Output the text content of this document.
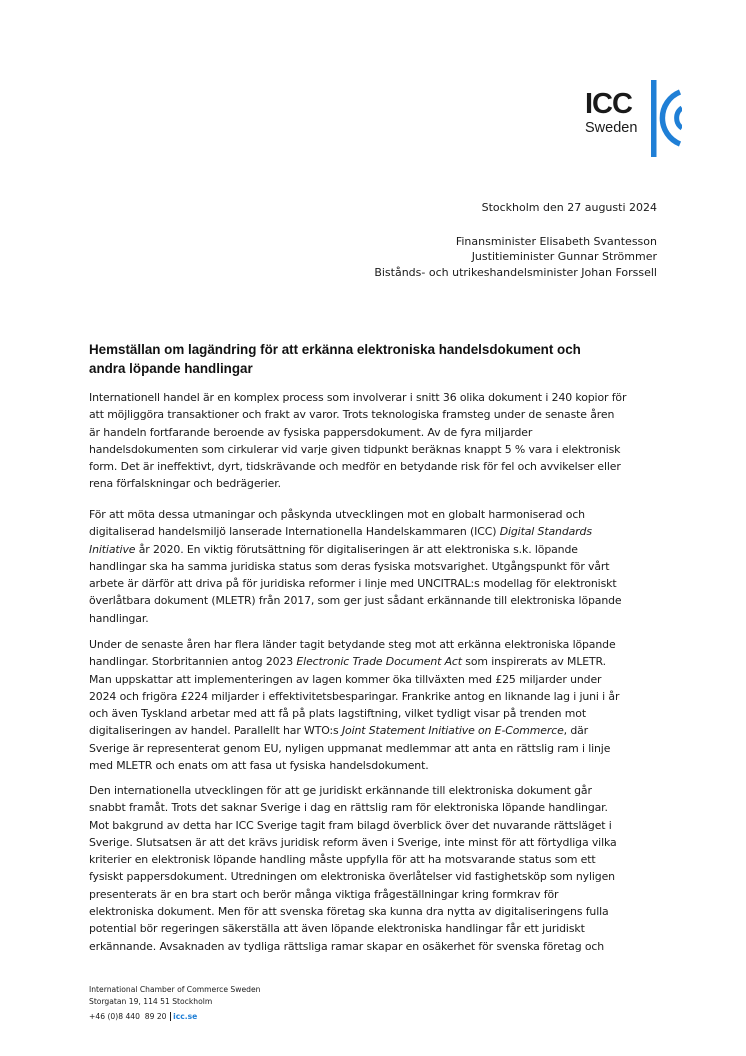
ICC
Sweden
Stockholm den 27 augusti 2024
Finansminister Elisabeth Svantesson
Justitieminister Gunnar Strömmer
Bistånds- och utrikeshandelsminister Johan Forssell
Hemställan om lagändring för att erkänna elektroniska handelsdokument och
andra löpande handlingar
Internationell handel är en komplex process som involverar i snitt 36 olika dokument i 240 kopior för
att möjliggöra transaktioner och frakt av varor. Trots teknologiska framsteg under de senaste åren
är handeln fortfarande beroende av fysiska pappersdokument. Av de fyra miljarder
handelsdokumenten som cirkulerar vid varje given tidpunkt beräknas knappt 5 % vara i elektronisk
form. Det är ineffektivt, dyrt, tidskrävande och medför en betydande risk för fel och avvikelser eller
rena förfalskningar och bedrägerier.
För att möta dessa utmaningar och påskynda utvecklingen mot en globalt harmoniserad och
digitaliserad handelsmiljö lanserade Internationella Handelskammaren (ICC) Digital Standards
Initiative år 2020. En viktig förutsättning för digitaliseringen är att elektroniska s.k. löpande
handlingar ska ha samma juridiska status som deras fysiska motsvarighet. Utgångspunkt för vårt
arbete är därför att driva på för juridiska reformer i linje med UNCITRAL:s modellag för elektroniskt
överlåtbara dokument (MLETR) från 2017, som ger just sådant erkännande till elektroniska löpande
handlingar.
Under de senaste åren har flera länder tagit betydande steg mot att erkänna elektroniska löpande
handlingar. Storbritannien antog 2023 Electronic Trade Document Act som inspirerats av MLETR.
Man uppskattar att implementeringen av lagen kommer öka tillväxten med £25 miljarder under
2024 och frigöra £224 miljarder i effektivitetsbesparingar. Frankrike antog en liknande lag i juni i år
och även Tyskland arbetar med att få på plats lagstiftning, vilket tydligt visar på trenden mot
digitaliseringen av handel. Parallellt har WTO:s Joint Statement Initiative on E-Commerce, där
Sverige är representerat genom EU, nyligen uppmanat medlemmar att anta en rättslig ram i linje
med MLETR och enats om att fasa ut fysiska handelsdokument.
Den internationella utvecklingen för att ge juridiskt erkännande till elektroniska dokument går
snabbt framåt. Trots det saknar Sverige i dag en rättslig ram för elektroniska löpande handlingar.
Mot bakgrund av detta har ICC Sverige tagit fram bilagd överblick över det nuvarande rättsläget i
Sverige. Slutsatsen är att det krävs juridisk reform även i Sverige, inte minst för att förtydliga vilka
kriterier en elektronisk löpande handling måste uppfylla för att ha motsvarande status som ett
fysiskt pappersdokument. Utredningen om elektroniska överlåtelser vid fastighetsköp som nyligen
presenterats är en bra start och berör många viktiga frågeställningar kring formkrav för
elektroniska dokument. Men för att svenska företag ska kunna dra nytta av digitaliseringens fulla
potential bör regeringen säkerställa att även löpande elektroniska handlingar får ett juridiskt
erkännande. Avsaknaden av tydliga rättsliga ramar skapar en osäkerhet för svenska företag och
International Chamber of Commerce Sweden
Storgatan 19, 114 51 Stockholm
+46 (0)8 440  89 20 icc.se
